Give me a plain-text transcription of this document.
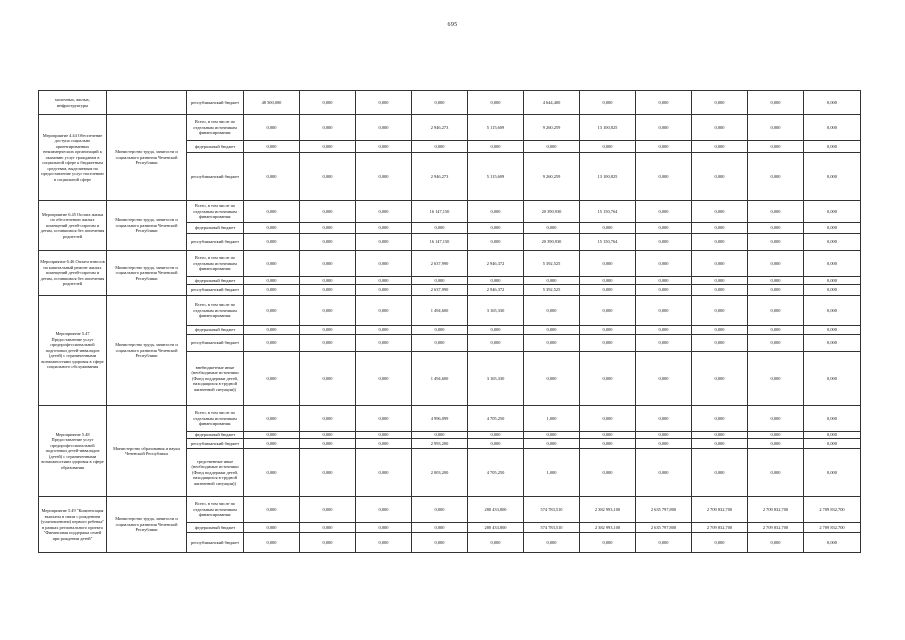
695
молочных, жилых, инфраструктуры		республиканский бюджет	48 500,000	0,000	0,000	0,000	0,000	4 644,400	0,000	0,000	0,000	0,000	0,000
Мероприятие 4.44 Обеспечение доступа социально ориентированных некоммерческих организаций к оказанию услуг гражданам в социальной сфере к бюджетным средствам, выделяемым на предоставление услуг населению в социальной сфере	Министерство труда, занятости и социального развития Чеченской Республики	Всего, в том числе по отдельным источникам финансирования:	0,000	0,000	0,000	2 946,273	5 115,609	9 260,259	13 100,825	0,000	0,000	0,000	0,000
		федеральный бюджет	0,000	0,000	0,000	0,000	0,000	0,000	0,000	0,000	0,000	0,000	0,000
		республиканский бюджет	0,000	0,000	0,000	2 946,273	5 115,609	9 260,259	13 100,825	0,000	0,000	0,000	0,000
Мероприятие 6.45 Оплата жилья по обеспечению жилых помещений детей-сиротам и детям, оставшимся без попечения родителей	Министерство труда, занятости и социального развития Чеченской Республики	Всего, в том числе по отдельным источникам финансирования:	0,000	0,000	0,000	16 147,150	0,000	20 390,930	15 150,764	0,000	0,000	0,000	0,000
		федеральный бюджет	0,000	0,000	0,000	0,000	0,000	0,000	0,000	0,000	0,000	0,000	0,000
		республиканский бюджет	0,000	0,000	0,000	16 147,150	0,000	20 390,930	15 150,764	0,000	0,000	0,000	0,000
Мероприятие 6.46 Оплата взносов на капитальный ремонт жилых помещений детей-сиротам и детям, оставшимся без попечения родителей	Министерство труда, занятости и социального развития Чеченской Республики	Всего, в том числе по отдельным источникам финансирования:	0,000	0,000	0,000	2 637,990	2 946,372	5 392,525	0,000	0,000	0,000	0,000	0,000
		федеральный бюджет	0,000	0,000	0,000	0,000	0,000	0,000	0,000	0,000	0,000	0,000	0,000
		республиканский бюджет	0,000	0,000	0,000	2 637,990	2 946,372	5 392,525	0,000	0,000	0,000	0,000	0,000
Мероприятие 5.47 Предоставление услуг предпрофессиональной подготовки детей-инвалидов (детей) с ограниченными возможностями здоровья в сфере социального обслуживания	Министерство труда, занятости и социального развития Чеченской Республики	Всего, в том числе по отдельным источникам финансирования:	0,000	0,000	0,000	1 494,600	3 165,330	0,000	0,000	0,000	0,000	0,000	0,000
		федеральный бюджет	0,000	0,000	0,000	0,000	0,000	0,000	0,000	0,000	0,000	0,000	0,000
		республиканский бюджет	0,000	0,000	0,000	0,000	0,000	0,000	0,000	0,000	0,000	0,000	0,000
		внебюджетные иные (необходимые источники (Фонд поддержки детей, находящихся в трудной жизненной ситуации))	0,000	0,000	0,000	1 494,600	3 165,330	0,000	0,000	0,000	0,000	0,000	0,000
Мероприятие 5.48 Предоставление услуг предпрофессиональной подготовки детей-инвалидов (детей) с ограниченными возможностями здоровья в сфере образования	Министерство образования и науки Чеченской Республики	Всего, в том числе по отдельным источникам финансирования:	0,000	0,000	0,000	4 996,099	4 705,250	1,000	0,000	0,000	0,000	0,000	0,000
		федеральный бюджет	0,000	0,000	0,000	0,000	0,000	0,000	0,000	0,000	0,000	0,000	0,000
		республиканский бюджет	0,000	0,000	0,000	2 993,200	0,000	0,000	0,000	0,000	0,000	0,000	0,000
		средственные иные (необходимые источники (Фонд поддержки детей, находящихся в трудной жизненной ситуации))	0,000	0,000	0,000	2 003,200	4 705,250	1,000	0,000	0,000	0,000	0,000	0,000
Мероприятие 5.49 "Компенсация выплаты в связи с рождением (усыновлением) первого ребенка" в рамках регионального проекта "Финансовая поддержка семей при рождении детей"	Министерство труда, занятости и социального развития Чеченской Республики	Всего, в том числе по отдельным источникам финансирования:	0,000	0,000	0,000	0,000	280 433,800	574 783,510	2 382 993,100	2 635 797,800	2 709 832,700	2 709 832,700	2 709 832,700
		федеральный бюджет	0,000	0,000	0,000	0,000	280 433,800	574 783,510	2 382 993,100	2 635 797,800	2 709 832,700	2 709 832,700	2 709 832,700
		республиканский бюджет	0,000	0,000	0,000	0,000	0,000	0,000	0,000	0,000	0,000	0,000	0,000
